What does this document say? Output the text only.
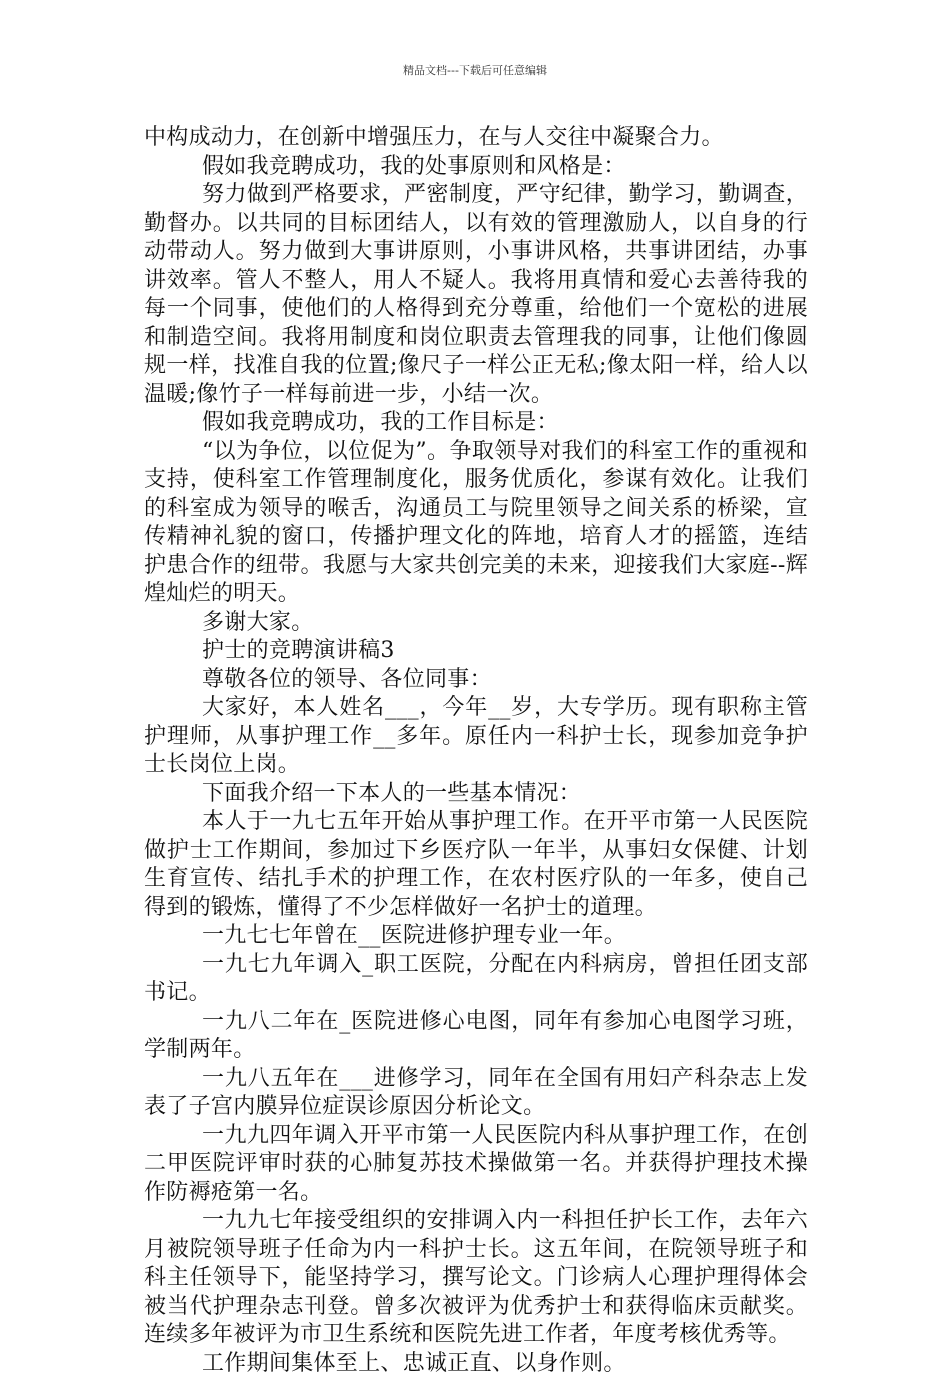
精品文档---下载后可任意编辑

中构成动力，在创新中增强压力，在与人交往中凝聚合力。

假如我竞聘成功，我的处事原则和风格是：

努力做到严格要求，严密制度，严守纪律，勤学习，勤调查，勤督办。以共同的目标团结人，以有效的管理激励人，以自身的行动带动人。努力做到大事讲原则，小事讲风格，共事讲团结，办事讲效率。管人不整人，用人不疑人。我将用真情和爱心去善待我的每一个同事，使他们的人格得到充分尊重，给他们一个宽松的进展和制造空间。我将用制度和岗位职责去管理我的同事，让他们像圆规一样，找准自我的位置;像尺子一样公正无私;像太阳一样，给人以温暖;像竹子一样每前进一步，小结一次。

假如我竞聘成功，我的工作目标是：

“以为争位，以位促为”。争取领导对我们的科室工作的重视和支持，使科室工作管理制度化，服务优质化，参谋有效化。让我们的科室成为领导的喉舌，沟通员工与院里领导之间关系的桥梁，宣传精神礼貌的窗口，传播护理文化的阵地，培育人才的摇篮，连结护患合作的纽带。我愿与大家共创完美的未来，迎接我们大家庭--辉煌灿烂的明天。

多谢大家。

护士的竞聘演讲稿3

尊敬各位的领导、各位同事：

大家好，本人姓名___，今年__岁，大专学历。现有职称主管护理师，从事护理工作__多年。原任内一科护士长，现参加竞争护士长岗位上岗。

下面我介绍一下本人的一些基本情况：

本人于一九七五年开始从事护理工作。在开平市第一人民医院做护士工作期间，参加过下乡医疗队一年半，从事妇女保健、计划生育宣传、结扎手术的护理工作，在农村医疗队的一年多，使自己得到的锻炼，懂得了不少怎样做好一名护士的道理。

一九七七年曾在__医院进修护理专业一年。

一九七九年调入_职工医院，分配在内科病房，曾担任团支部书记。

一九八二年在_医院进修心电图，同年有参加心电图学习班，学制两年。

一九八五年在___进修学习，同年在全国有用妇产科杂志上发表了子宫内膜异位症误诊原因分析论文。

一九九四年调入开平市第一人民医院内科从事护理工作，在创二甲医院评审时获的心肺复苏技术操做第一名。并获得护理技术操作防褥疮第一名。

一九九七年接受组织的安排调入内一科担任护长工作，去年六月被院领导班子任命为内一科护士长。这五年间，在院领导班子和科主任领导下，能坚持学习，撰写论文。门诊病人心理护理得体会被当代护理杂志刊登。曾多次被评为优秀护士和获得临床贡献奖。连续多年被评为市卫生系统和医院先进工作者，年度考核优秀等。

工作期间集体至上、忠诚正直、以身作则。
